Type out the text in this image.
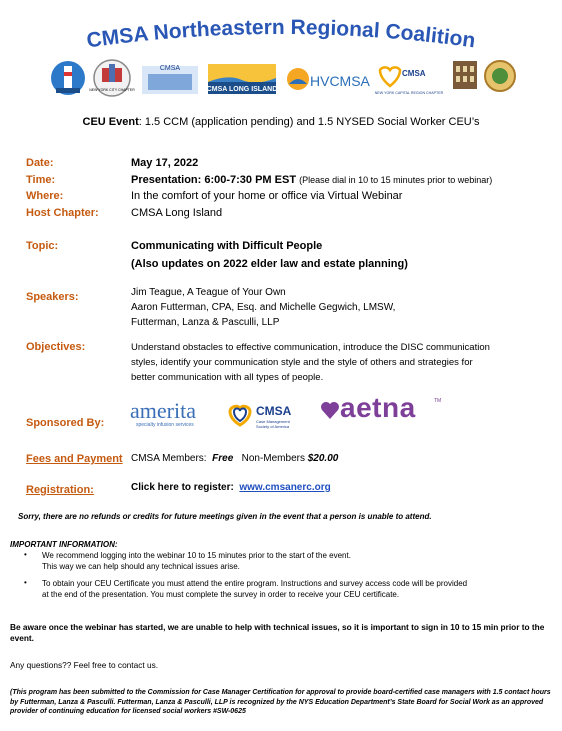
CMSA Northeastern Regional Coalition
NEW YORK CITY CHAPTER
CMSA
CMSA LONG ISLAND
HVCMSA	CMSA
NEW YORK CAPITAL REGION CHAPTER
CEU Event: 1.5 CCM (application pending) and 1.5 NYSED Social Worker CEU’s
Date:	May 17, 2022
Time:	Presentation: 6:00-7:30 PM EST (Please dial in 10 to 15 minutes prior to webinar)
Where:	In the comfort of your home or office via Virtual Webinar
Host Chapter:	CMSA Long Island
Topic:	Communicating with Difficult People
(Also updates on 2022 elder law and estate planning)
Speakers:	Jim Teague, A Teague of Your Own
Aaron Futterman, CPA, Esq. and Michelle Gegwich, LMSW,
Futterman, Lanza & Pasculli, LLP
Objectives:	Understand obstacles to effective communication, introduce the DISC communication
styles, identify your communication style and the style of others and strategies for
better communication with all types of people.
Sponsored By: amerita
specialty infusion services
CMSA
Case Management Society of America
aetna	TM
Fees and Payment CMSA Members: Free Non-Members $20.00
Registration:	Click here to register: www.cmsanerc.org
Sorry, there are no refunds or credits for future meetings given in the event that a person is unable to attend.
IMPORTANT INFORMATION:
• We recommend logging into the webinar 10 to 15 minutes prior to the start of the event.
This way we can help should any technical issues arise.
• To obtain your CEU Certificate you must attend the entire program. Instructions and survey access code will be provided
at the end of the presentation. You must complete the survey in order to receive your CEU certificate.
Be aware once the webinar has started, we are unable to help with technical issues, so it is important to sign in 10 to 15 min prior to the event.
Any questions?? Feel free to contact us.
(This program has been submitted to the Commission for Case Manager Certification for approval to provide board-certified case managers with 1.5 contact hours by Futterman, Lanza & Pasculli. Futterman, Lanza & Pasculli, LLP is recognized by the NYS Education Department’s State Board for Social Work as an approved provider of continuing education for licensed social workers #SW-0625
